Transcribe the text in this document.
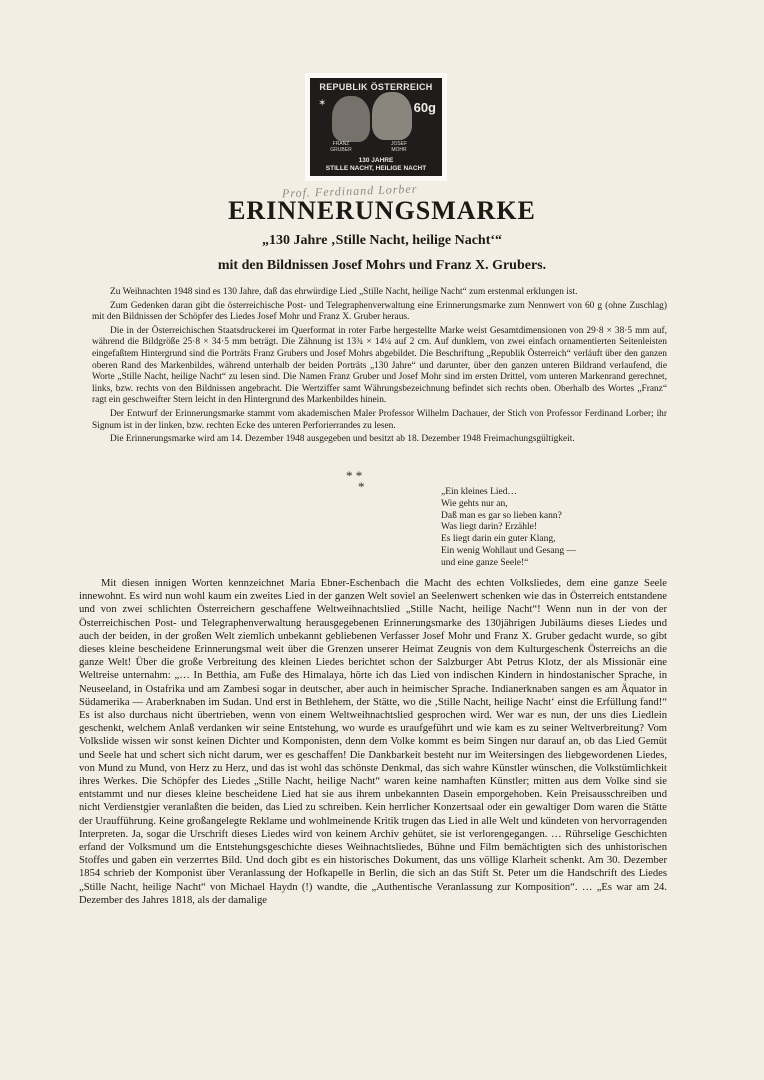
REPUBLIK ÖSTERREICH
✶	60g
FRANZ GRUBER
JOSEF MOHR
130 JAHRE
STILLE NACHT, HEILIGE NACHT
Prof. Ferdinand Lorber
ERINNERUNGSMARKE
„130 Jahre ‚Stille Nacht, heilige Nacht‘“
mit den Bildnissen Josef Mohrs und Franz X. Grubers.

Zu Weihnachten 1948 sind es 130 Jahre, daß das ehrwürdige Lied „Stille Nacht, heilige Nacht“ zum erstenmal erklungen ist.

Zum Gedenken daran gibt die österreichische Post- und Telegraphenverwaltung eine Erinnerungsmarke zum Nennwert von 60 g (ohne Zuschlag) mit den Bildnissen der Schöpfer des Liedes Josef Mohr und Franz X. Gruber heraus.

Die in der Österreichischen Staatsdruckerei im Querformat in roter Farbe hergestellte Marke weist Gesamtdimensionen von 29·8 × 38·5 mm auf, während die Bildgröße 25·8 × 34·5 mm beträgt. Die Zähnung ist 13¾ × 14¼ auf 2 cm. Auf dunklem, von zwei einfach ornamentierten Seitenleisten eingefaßtem Hintergrund sind die Porträts Franz Grubers und Josef Mohrs abgebildet. Die Beschriftung „Republik Österreich“ verläuft über den ganzen oberen Rand des Markenbildes, während unterhalb der beiden Porträts „130 Jahre“ und darunter, über den ganzen unteren Bildrand verlaufend, die Worte „Stille Nacht, heilige Nacht“ zu lesen sind. Die Namen Franz Gruber und Josef Mohr sind im ersten Drittel, vom unteren Markenrand gerechnet, links, bzw. rechts von den Bildnissen angebracht. Die Wertziffer samt Währungsbezeichnung befindet sich rechts oben. Oberhalb des Wortes „Franz“ ragt ein geschweifter Stern leicht in den Hintergrund des Markenbildes hinein.

Der Entwurf der Erinnerungsmarke stammt vom akademischen Maler Professor Wilhelm Dachauer, der Stich von Professor Ferdinand Lorber; ihr Signum ist in der linken, bzw. rechten Ecke des unteren Perforierrandes zu lesen.

Die Erinnerungsmarke wird am 14. Dezember 1948 ausgegeben und besitzt ab 18. Dezember 1948 Freimachungsgültigkeit.

* *
*	„Ein kleines Lied…
Wie gehts nur an,
Daß man es gar so lieben kann?
Was liegt darin? Erzähle!
Es liegt darin ein guter Klang,
Ein wenig Wohllaut und Gesang —
und eine ganze Seele!“

Mit diesen innigen Worten kennzeichnet Maria Ebner-Eschenbach die Macht des echten Volksliedes, dem eine ganze Seele innewohnt. Es wird nun wohl kaum ein zweites Lied in der ganzen Welt soviel an Seelenwert schenken wie das in Österreich entstandene und von zwei schlichten Österreichern geschaffene Weltweihnachtslied „Stille Nacht, heilige Nacht“! Wenn nun in der von der Österreichischen Post- und Telegraphenverwaltung herausgegebenen Erinnerungsmarke des 130jährigen Jubiläums dieses Liedes und auch der beiden, in der großen Welt ziemlich unbekannt gebliebenen Verfasser Josef Mohr und Franz X. Gruber gedacht wurde, so gibt dieses kleine bescheidene Erinnerungsmal weit über die Grenzen unserer Heimat Zeugnis von dem Kulturgeschenk Österreichs an die ganze Welt! Über die große Verbreitung des kleinen Liedes berichtet schon der Salzburger Abt Petrus Klotz, der als Missionär eine Weltreise unternahm: „… In Betthia, am Fuße des Himalaya, hörte ich das Lied von indischen Kindern in hindostanischer Sprache, in Neuseeland, in Ostafrika und am Zambesi sogar in deutscher, aber auch in heimischer Sprache. Indianerknaben sangen es am Äquator in Südamerika — Araberknaben im Sudan. Und erst in Bethlehem, der Stätte, wo die ‚Stille Nacht, heilige Nacht‘ einst die Erfüllung fand!“ Es ist also durchaus nicht übertrieben, wenn von einem Weltweihnachtslied gesprochen wird. Wer war es nun, der uns dies Liedlein geschenkt, welchem Anlaß verdanken wir seine Entstehung, wo wurde es uraufgeführt und wie kam es zu seiner Weltverbreitung? Vom Volkslide wissen wir sonst keinen Dichter und Komponisten, denn dem Volke kommt es beim Singen nur darauf an, ob das Lied Gemüt und Seele hat und schert sich nicht darum, wer es geschaffen! Die Dankbarkeit besteht nur im Weitersingen des liebgewordenen Liedes, von Mund zu Mund, von Herz zu Herz, und das ist wohl das schönste Denkmal, das sich wahre Künstler wünschen, die Volkstümlichkeit ihres Werkes. Die Schöpfer des Liedes „Stille Nacht, heilige Nacht“ waren keine namhaften Künstler; mitten aus dem Volke sind sie entstammt und nur dieses kleine bescheidene Lied hat sie aus ihrem unbekannten Dasein emporgehoben. Kein Preisausschreiben und nicht Verdienstgier veranlaßten die beiden, das Lied zu schreiben. Kein herrlicher Konzertsaal oder ein gewaltiger Dom waren die Stätte der Uraufführung. Keine großangelegte Reklame und wohlmeinende Kritik trugen das Lied in alle Welt und kündeten von hervorragenden Interpreten. Ja, sogar die Urschrift dieses Liedes wird von keinem Archiv gehütet, sie ist verlorengegangen. … Rührselige Geschichten erfand der Volksmund um die Entstehungsgeschichte dieses Weihnachtsliedes, Bühne und Film bemächtigten sich des unhistorischen Stoffes und gaben ein verzerrtes Bild. Und doch gibt es ein historisches Dokument, das uns völlige Klarheit schenkt. Am 30. Dezember 1854 schrieb der Komponist über Veranlassung der Hofkapelle in Berlin, die sich an das Stift St. Peter um die Handschrift des Liedes „Stille Nacht, heilige Nacht“ von Michael Haydn (!) wandte, die „Authentische Veranlassung zur Komposition“. … „Es war am 24. Dezember des Jahres 1818, als der damalige
